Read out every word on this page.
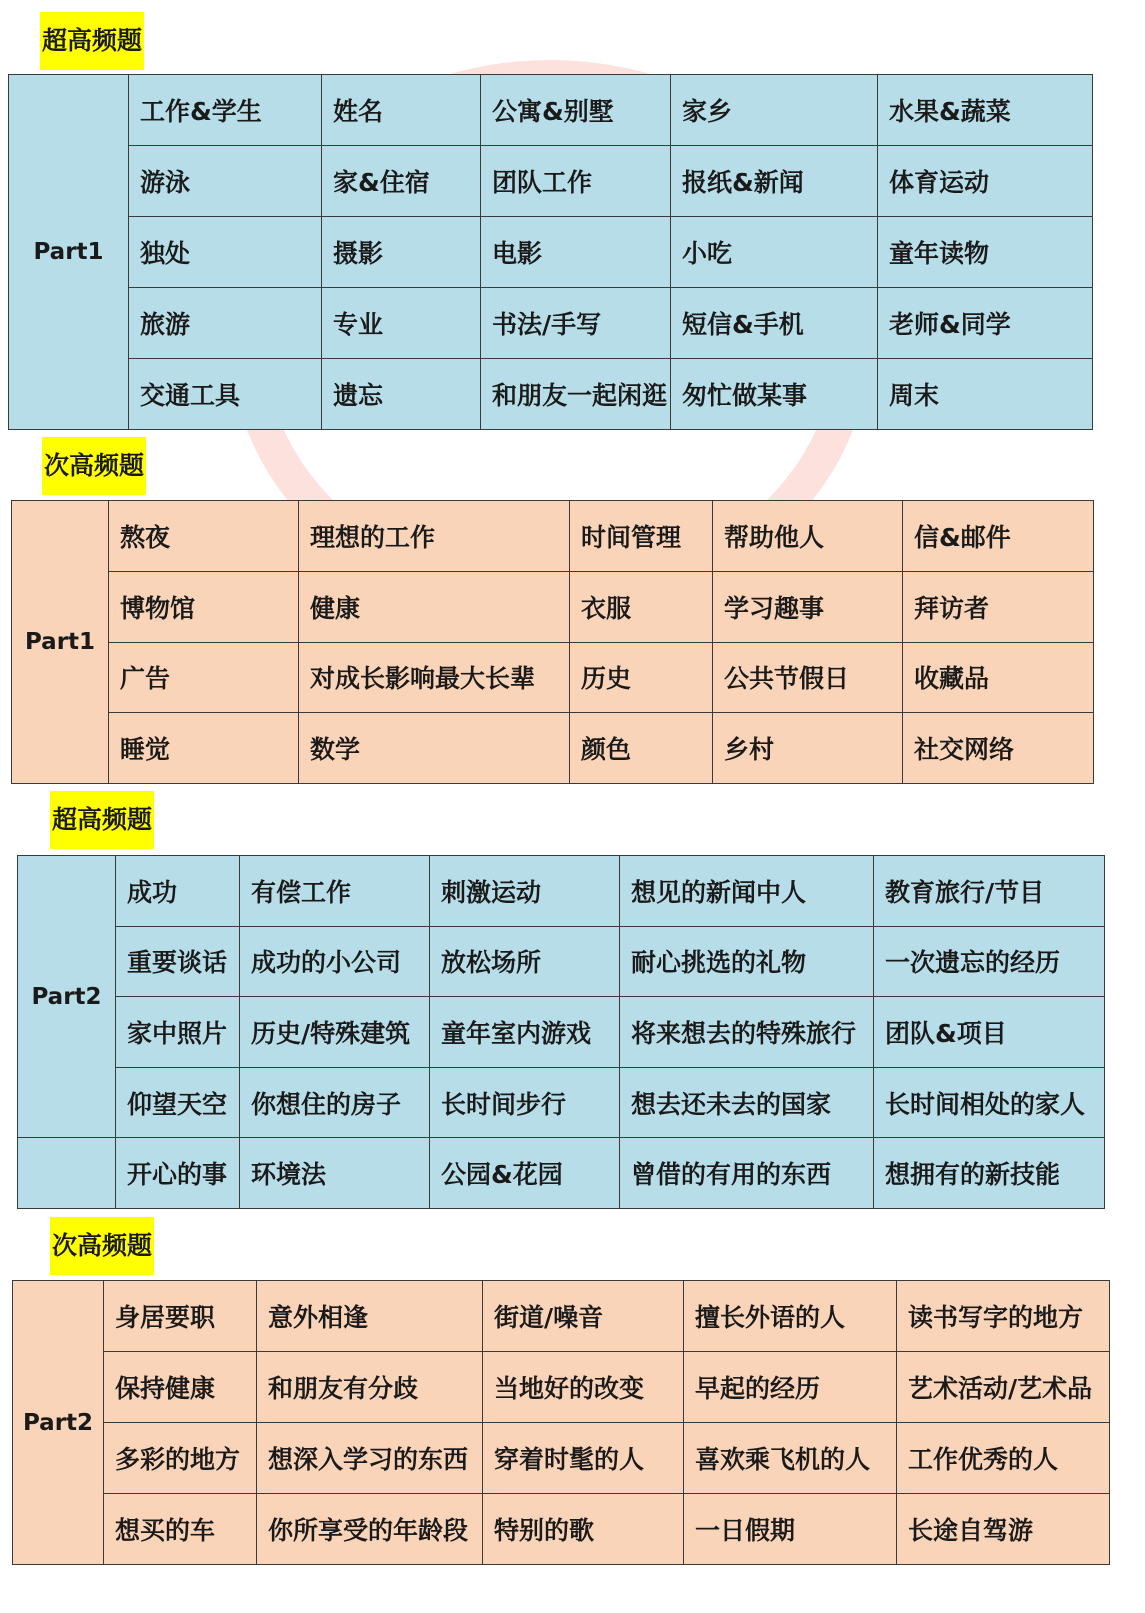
超高频题
Part1	工作&学生	姓名	公寓&别墅	家乡	水果&蔬菜
	游泳	家&住宿	团队工作	报纸&新闻	体育运动
	独处	摄影	电影	小吃	童年读物
	旅游	专业	书法/手写	短信&手机	老师&同学
	交通工具	遗忘	和朋友一起闲逛	匆忙做某事	周末
次高频题
Part1	熬夜	理想的工作	时间管理	帮助他人	信&邮件
	博物馆	健康	衣服	学习趣事	拜访者
	广告	对成长影响最大长辈	历史	公共节假日	收藏品
	睡觉	数学	颜色	乡村	社交网络
超高频题
Part2	成功	有偿工作	刺激运动	想见的新闻中人	教育旅行/节目
	重要谈话	成功的小公司	放松场所	耐心挑选的礼物	一次遗忘的经历
	家中照片	历史/特殊建筑	童年室内游戏	将来想去的特殊旅行	团队&项目
	仰望天空	你想住的房子	长时间步行	想去还未去的国家	长时间相处的家人
	开心的事	环境法	公园&花园	曾借的有用的东西	想拥有的新技能
次高频题
Part2	身居要职	意外相逢	街道/噪音	擅长外语的人	读书写字的地方
	保持健康	和朋友有分歧	当地好的改变	早起的经历	艺术活动/艺术品
	多彩的地方	想深入学习的东西	穿着时髦的人	喜欢乘飞机的人	工作优秀的人
	想买的车	你所享受的年龄段	特别的歌	一日假期	长途自驾游
